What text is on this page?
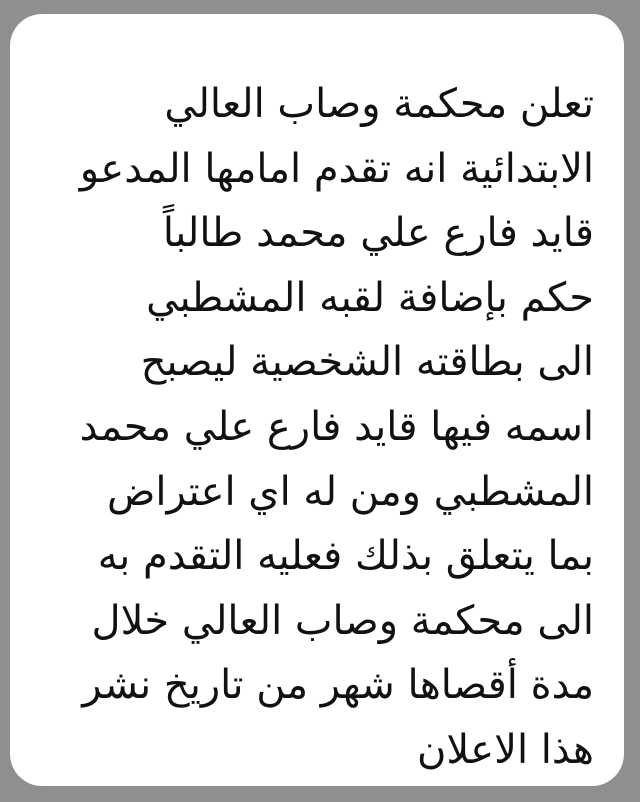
تعلن محكمة وصاب العالي
الابتدائية انه تقدم امامها المدعو
قايد فارع علي محمد طالباً
حكم بإضافة لقبه المشطبي
الى بطاقته الشخصية ليصبح
اسمه فيها قايد فارع علي محمد
المشطبي ومن له اي اعتراض
بما يتعلق بذلك فعليه التقدم به
الى محكمة وصاب العالي خلال
مدة أقصاها شهر من تاريخ نشر
هذا الاعلان
